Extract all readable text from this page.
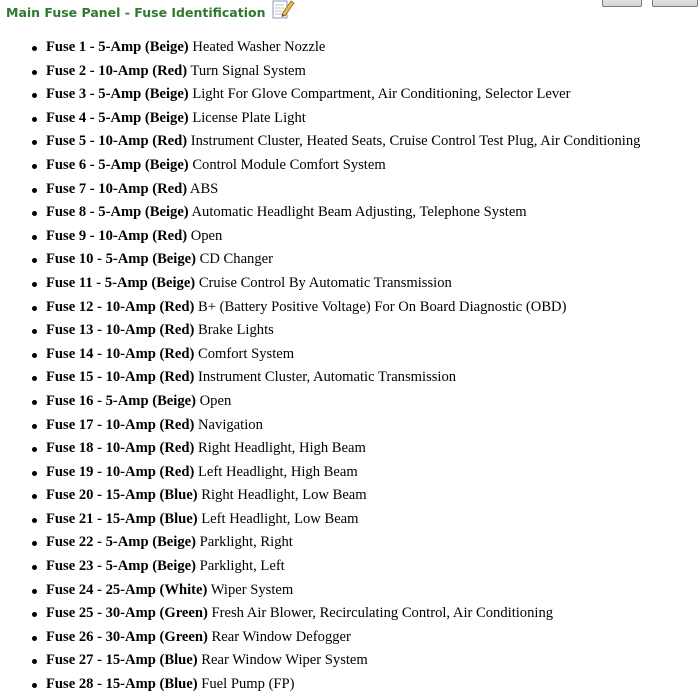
Main Fuse Panel - Fuse Identification
Fuse 1 - 5-Amp (Beige) Heated Washer Nozzle
Fuse 2 - 10-Amp (Red) Turn Signal System
Fuse 3 - 5-Amp (Beige) Light For Glove Compartment, Air Conditioning, Selector Lever
Fuse 4 - 5-Amp (Beige) License Plate Light
Fuse 5 - 10-Amp (Red) Instrument Cluster, Heated Seats, Cruise Control Test Plug, Air Conditioning
Fuse 6 - 5-Amp (Beige) Control Module Comfort System
Fuse 7 - 10-Amp (Red) ABS
Fuse 8 - 5-Amp (Beige) Automatic Headlight Beam Adjusting, Telephone System
Fuse 9 - 10-Amp (Red) Open
Fuse 10 - 5-Amp (Beige) CD Changer
Fuse 11 - 5-Amp (Beige) Cruise Control By Automatic Transmission
Fuse 12 - 10-Amp (Red) B+ (Battery Positive Voltage) For On Board Diagnostic (OBD)
Fuse 13 - 10-Amp (Red) Brake Lights
Fuse 14 - 10-Amp (Red) Comfort System
Fuse 15 - 10-Amp (Red) Instrument Cluster, Automatic Transmission
Fuse 16 - 5-Amp (Beige) Open
Fuse 17 - 10-Amp (Red) Navigation
Fuse 18 - 10-Amp (Red) Right Headlight, High Beam
Fuse 19 - 10-Amp (Red) Left Headlight, High Beam
Fuse 20 - 15-Amp (Blue) Right Headlight, Low Beam
Fuse 21 - 15-Amp (Blue) Left Headlight, Low Beam
Fuse 22 - 5-Amp (Beige) Parklight, Right
Fuse 23 - 5-Amp (Beige) Parklight, Left
Fuse 24 - 25-Amp (White) Wiper System
Fuse 25 - 30-Amp (Green) Fresh Air Blower, Recirculating Control, Air Conditioning
Fuse 26 - 30-Amp (Green) Rear Window Defogger
Fuse 27 - 15-Amp (Blue) Rear Window Wiper System
Fuse 28 - 15-Amp (Blue) Fuel Pump (FP)
